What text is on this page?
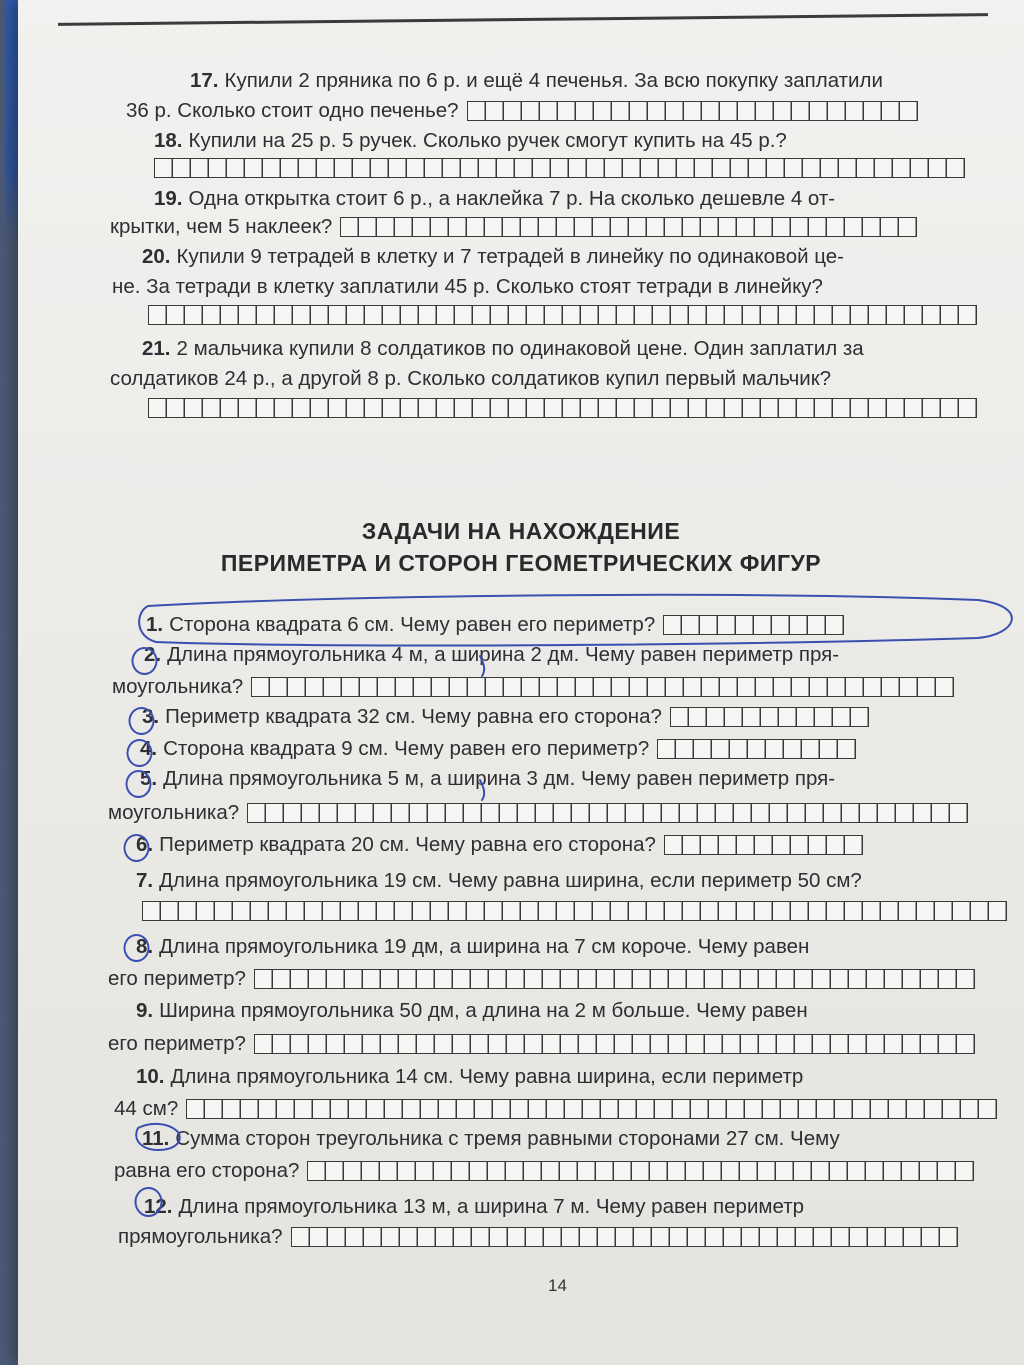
17. Купили 2 пряника по 6 р. и ещё 4 печенья. За всю покупку заплатили
36 р. Сколько стоит одно печенье?
18. Купили на 25 р. 5 ручек. Сколько ручек смогут купить на 45 р.?
19. Одна открытка стоит 6 р., а наклейка 7 р. На сколько дешевле 4 от-
крытки, чем 5 наклеек?
20. Купили 9 тетрадей в клетку и 7 тетрадей в линейку по одинаковой це-
не. За тетради в клетку заплатили 45 р. Сколько стоят тетради в линейку?
21. 2 мальчика купили 8 солдатиков по одинаковой цене. Один заплатил за
солдатиков 24 р., а другой 8 р. Сколько солдатиков купил первый мальчик?
ЗАДАЧИ НА НАХОЖДЕНИЕ
ПЕРИМЕТРА И СТОРОН ГЕОМЕТРИЧЕСКИХ ФИГУР
1. Сторона квадрата 6 см. Чему равен его периметр?
2. Длина прямоугольника 4 м, а ширина 2 дм. Чему равен периметр пря-
моугольника?
3. Периметр квадрата 32 см. Чему равна его сторона?
4. Сторона квадрата 9 см. Чему равен его периметр?
5. Длина прямоугольника 5 м, а ширина 3 дм. Чему равен периметр пря-
моугольника?
6. Периметр квадрата 20 см. Чему равна его сторона?
7. Длина прямоугольника 19 см. Чему равна ширина, если периметр 50 см?
8. Длина прямоугольника 19 дм, а ширина на 7 см короче. Чему равен
его периметр?
9. Ширина прямоугольника 50 дм, а длина на 2 м больше. Чему равен
его периметр?
10. Длина прямоугольника 14 см. Чему равна ширина, если периметр
44 см?
11. Сумма сторон треугольника с тремя равными сторонами 27 см. Чему
равна его сторона?
12. Длина прямоугольника 13 м, а ширина 7 м. Чему равен периметр
прямоугольника?
14
